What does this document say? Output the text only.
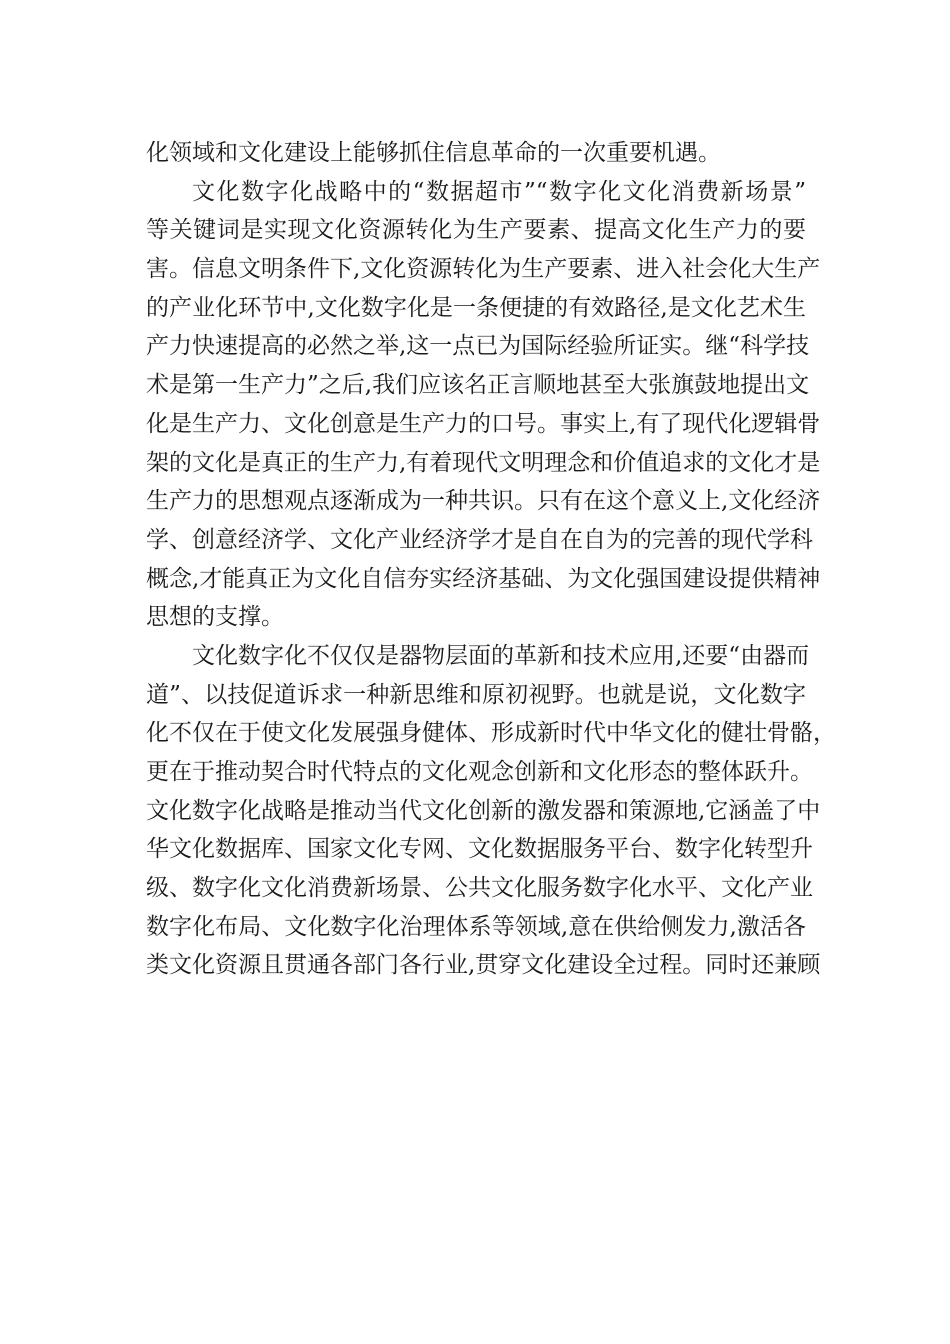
化领域和文化建设上能够抓住信息革命的一次重要机遇。
文化数字化战略中的“数据超市”“数字化文化消费新场景”
等关键词是实现文化资源转化为生产要素、提高文化生产力的要
害。信息文明条件下,文化资源转化为生产要素、进入社会化大生产
的产业化环节中,文化数字化是一条便捷的有效路径,是文化艺术生
产力快速提高的必然之举,这一点已为国际经验所证实。继“科学技
术是第一生产力”之后,我们应该名正言顺地甚至大张旗鼓地提出文
化是生产力、文化创意是生产力的口号。事实上,有了现代化逻辑骨
架的文化是真正的生产力,有着现代文明理念和价值追求的文化才是
生产力的思想观点逐渐成为一种共识。只有在这个意义上,文化经济
学、创意经济学、文化产业经济学才是自在自为的完善的现代学科
概念,才能真正为文化自信夯实经济基础、为文化强国建设提供精神
思想的支撑。
文化数字化不仅仅是器物层面的革新和技术应用,还要“由器而
道”、以技促道诉求一种新思维和原初视野。也就是说，文化数字
化不仅在于使文化发展强身健体、形成新时代中华文化的健壮骨骼，
更在于推动契合时代特点的文化观念创新和文化形态的整体跃升。
文化数字化战略是推动当代文化创新的激发器和策源地,它涵盖了中
华文化数据库、国家文化专网、文化数据服务平台、数字化转型升
级、数字化文化消费新场景、公共文化服务数字化水平、文化产业
数字化布局、文化数字化治理体系等领域,意在供给侧发力,激活各
类文化资源且贯通各部门各行业,贯穿文化建设全过程。同时还兼顾
